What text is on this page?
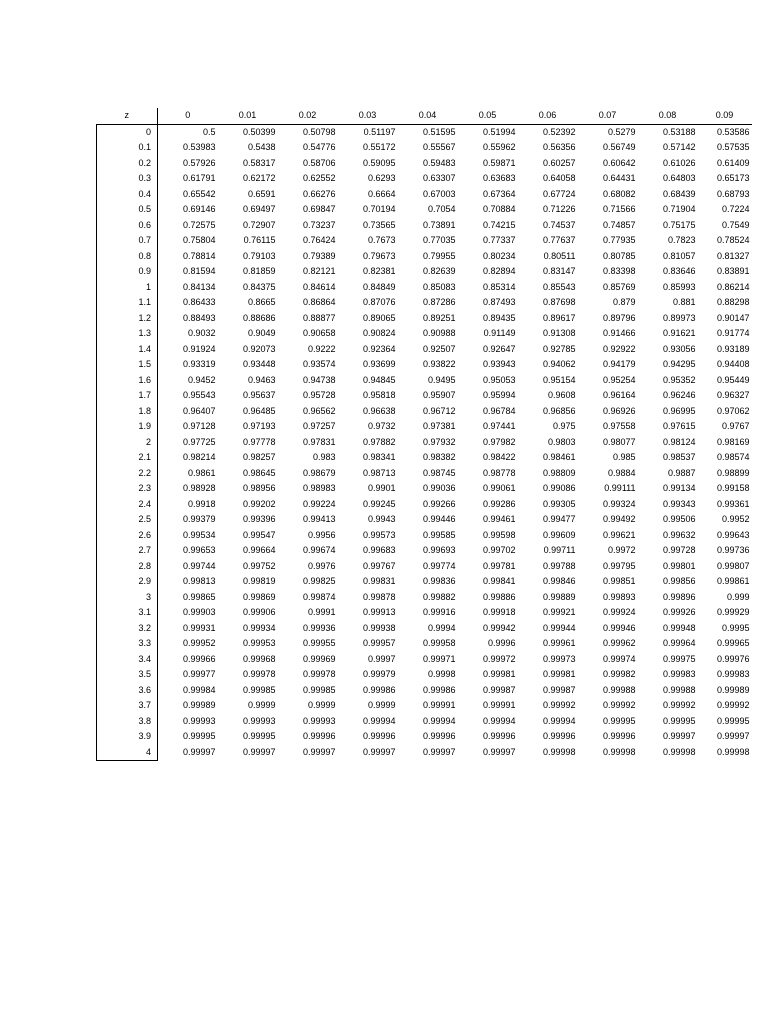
z	0	0.01	0.02	0.03	0.04	0.05	0.06	0.07	0.08	0.09
0	0.5	0.50399	0.50798	0.51197	0.51595	0.51994	0.52392	0.5279	0.53188	0.53586
0.1	0.53983	0.5438	0.54776	0.55172	0.55567	0.55962	0.56356	0.56749	0.57142	0.57535
0.2	0.57926	0.58317	0.58706	0.59095	0.59483	0.59871	0.60257	0.60642	0.61026	0.61409
0.3	0.61791	0.62172	0.62552	0.6293	0.63307	0.63683	0.64058	0.64431	0.64803	0.65173
0.4	0.65542	0.6591	0.66276	0.6664	0.67003	0.67364	0.67724	0.68082	0.68439	0.68793
0.5	0.69146	0.69497	0.69847	0.70194	0.7054	0.70884	0.71226	0.71566	0.71904	0.7224
0.6	0.72575	0.72907	0.73237	0.73565	0.73891	0.74215	0.74537	0.74857	0.75175	0.7549
0.7	0.75804	0.76115	0.76424	0.7673	0.77035	0.77337	0.77637	0.77935	0.7823	0.78524
0.8	0.78814	0.79103	0.79389	0.79673	0.79955	0.80234	0.80511	0.80785	0.81057	0.81327
0.9	0.81594	0.81859	0.82121	0.82381	0.82639	0.82894	0.83147	0.83398	0.83646	0.83891
1	0.84134	0.84375	0.84614	0.84849	0.85083	0.85314	0.85543	0.85769	0.85993	0.86214
1.1	0.86433	0.8665	0.86864	0.87076	0.87286	0.87493	0.87698	0.879	0.881	0.88298
1.2	0.88493	0.88686	0.88877	0.89065	0.89251	0.89435	0.89617	0.89796	0.89973	0.90147
1.3	0.9032	0.9049	0.90658	0.90824	0.90988	0.91149	0.91308	0.91466	0.91621	0.91774
1.4	0.91924	0.92073	0.9222	0.92364	0.92507	0.92647	0.92785	0.92922	0.93056	0.93189
1.5	0.93319	0.93448	0.93574	0.93699	0.93822	0.93943	0.94062	0.94179	0.94295	0.94408
1.6	0.9452	0.9463	0.94738	0.94845	0.9495	0.95053	0.95154	0.95254	0.95352	0.95449
1.7	0.95543	0.95637	0.95728	0.95818	0.95907	0.95994	0.9608	0.96164	0.96246	0.96327
1.8	0.96407	0.96485	0.96562	0.96638	0.96712	0.96784	0.96856	0.96926	0.96995	0.97062
1.9	0.97128	0.97193	0.97257	0.9732	0.97381	0.97441	0.975	0.97558	0.97615	0.9767
2	0.97725	0.97778	0.97831	0.97882	0.97932	0.97982	0.9803	0.98077	0.98124	0.98169
2.1	0.98214	0.98257	0.983	0.98341	0.98382	0.98422	0.98461	0.985	0.98537	0.98574
2.2	0.9861	0.98645	0.98679	0.98713	0.98745	0.98778	0.98809	0.9884	0.9887	0.98899
2.3	0.98928	0.98956	0.98983	0.9901	0.99036	0.99061	0.99086	0.99111	0.99134	0.99158
2.4	0.9918	0.99202	0.99224	0.99245	0.99266	0.99286	0.99305	0.99324	0.99343	0.99361
2.5	0.99379	0.99396	0.99413	0.9943	0.99446	0.99461	0.99477	0.99492	0.99506	0.9952
2.6	0.99534	0.99547	0.9956	0.99573	0.99585	0.99598	0.99609	0.99621	0.99632	0.99643
2.7	0.99653	0.99664	0.99674	0.99683	0.99693	0.99702	0.99711	0.9972	0.99728	0.99736
2.8	0.99744	0.99752	0.9976	0.99767	0.99774	0.99781	0.99788	0.99795	0.99801	0.99807
2.9	0.99813	0.99819	0.99825	0.99831	0.99836	0.99841	0.99846	0.99851	0.99856	0.99861
3	0.99865	0.99869	0.99874	0.99878	0.99882	0.99886	0.99889	0.99893	0.99896	0.999
3.1	0.99903	0.99906	0.9991	0.99913	0.99916	0.99918	0.99921	0.99924	0.99926	0.99929
3.2	0.99931	0.99934	0.99936	0.99938	0.9994	0.99942	0.99944	0.99946	0.99948	0.9995
3.3	0.99952	0.99953	0.99955	0.99957	0.99958	0.9996	0.99961	0.99962	0.99964	0.99965
3.4	0.99966	0.99968	0.99969	0.9997	0.99971	0.99972	0.99973	0.99974	0.99975	0.99976
3.5	0.99977	0.99978	0.99978	0.99979	0.9998	0.99981	0.99981	0.99982	0.99983	0.99983
3.6	0.99984	0.99985	0.99985	0.99986	0.99986	0.99987	0.99987	0.99988	0.99988	0.99989
3.7	0.99989	0.9999	0.9999	0.9999	0.99991	0.99991	0.99992	0.99992	0.99992	0.99992
3.8	0.99993	0.99993	0.99993	0.99994	0.99994	0.99994	0.99994	0.99995	0.99995	0.99995
3.9	0.99995	0.99995	0.99996	0.99996	0.99996	0.99996	0.99996	0.99996	0.99997	0.99997
4	0.99997	0.99997	0.99997	0.99997	0.99997	0.99997	0.99998	0.99998	0.99998	0.99998
